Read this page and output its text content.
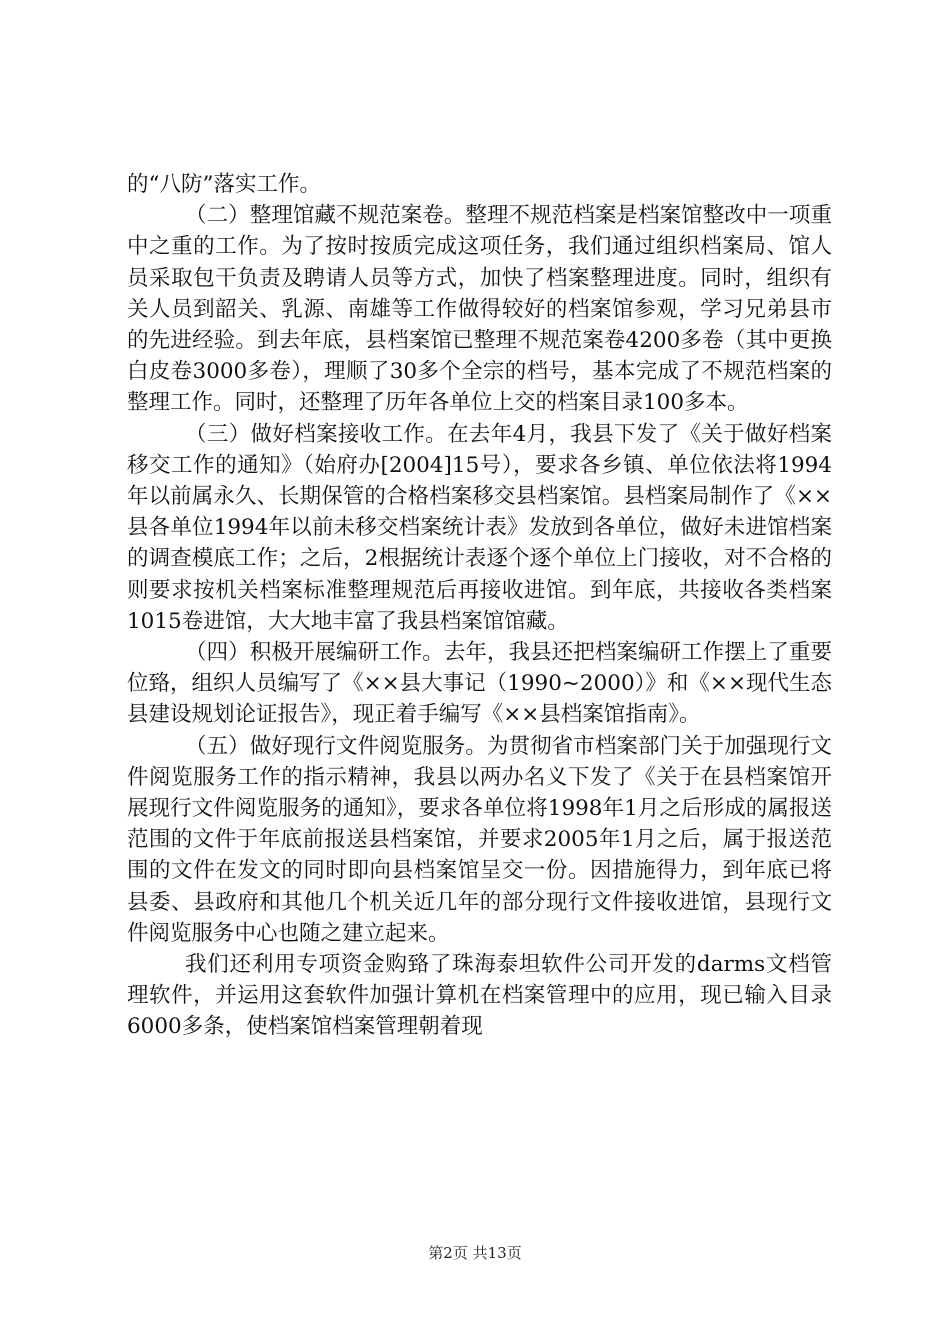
的“八防”落实工作。

（二）整理馆藏不规范案卷。整理不规范档案是档案馆整改中一项重中之重的工作。为了按时按质完成这项任务，我们通过组织档案局、馆人员采取包干负责及聘请人员等方式，加快了档案整理进度。同时，组织有关人员到韶关、乳源、南雄等工作做得较好的档案馆参观，学习兄弟县市的先进经验。到去年底，县档案馆已整理不规范案卷4200多卷（其中更换白皮卷3000多卷），理顺了30多个全宗的档号，基本完成了不规范档案的整理工作。同时，还整理了历年各单位上交的档案目录100多本。

（三）做好档案接收工作。在去年4月，我县下发了《关于做好档案移交工作的通知》（始府办[2004]15号），要求各乡镇、单位依法将1994年以前属永久、长期保管的合格档案移交县档案馆。县档案局制作了《××县各单位1994年以前未移交档案统计表》发放到各单位，做好未进馆档案的调查模底工作；之后，2根据统计表逐个逐个单位上门接收，对不合格的则要求按机关档案标准整理规范后再接收进馆。到年底，共接收各类档案1015卷进馆，大大地丰富了我县档案馆馆藏。

（四）积极开展编研工作。去年，我县还把档案编研工作摆上了重要位臵，组织人员编写了《××县大事记（1990~2000）》和《××现代生态县建设规划论证报告》，现正着手编写《××县档案馆指南》。

（五）做好现行文件阅览服务。为贯彻省市档案部门关于加强现行文件阅览服务工作的指示精神，我县以两办名义下发了《关于在县档案馆开展现行文件阅览服务的通知》，要求各单位将1998年1月之后形成的属报送范围的文件于年底前报送县档案馆，并要求2005年1月之后，属于报送范围的文件在发文的同时即向县档案馆呈交一份。因措施得力，到年底已将县委、县政府和其他几个机关近几年的部分现行文件接收进馆，县现行文件阅览服务中心也随之建立起来。

我们还利用专项资金购臵了珠海泰坦软件公司开发的darms文档管理软件，并运用这套软件加强计算机在档案管理中的应用，现已输入目录6000多条，使档案馆档案管理朝着现

第2页 共13页
